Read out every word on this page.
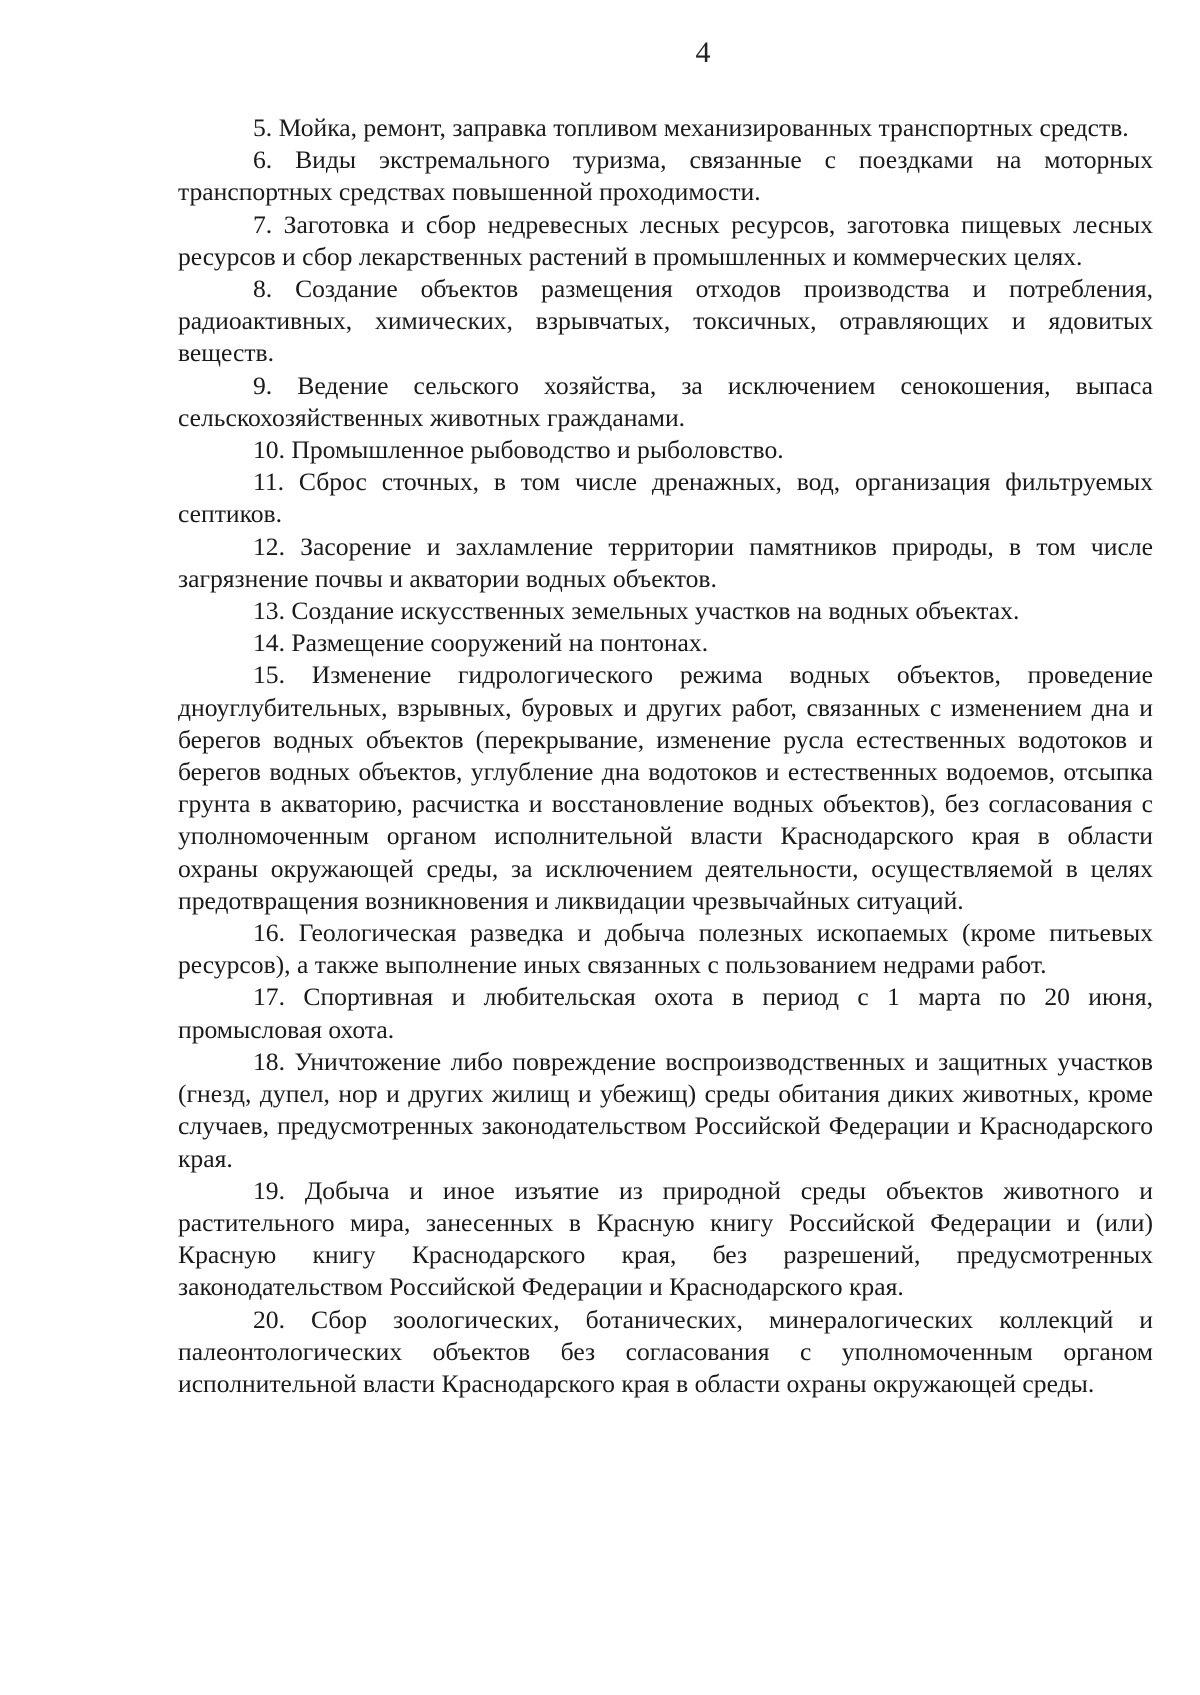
4

5. Мойка, ремонт, заправка топливом механизированных транспортных средств.

6. Виды экстремального туризма, связанные с поездками на моторных транспортных средствах повышенной проходимости.

7. Заготовка и сбор недревесных лесных ресурсов, заготовка пищевых лесных ресурсов и сбор лекарственных растений в промышленных и коммерческих целях.

8. Создание объектов размещения отходов производства и потребления, радиоактивных, химических, взрывчатых, токсичных, отравляющих и ядовитых веществ.

9. Ведение сельского хозяйства, за исключением сенокошения, выпаса сельскохозяйственных животных гражданами.

10. Промышленное рыбоводство и рыболовство.

11. Сброс сточных, в том числе дренажных, вод, организация фильтруемых септиков.

12. Засорение и захламление территории памятников природы, в том числе загрязнение почвы и акватории водных объектов.

13. Создание искусственных земельных участков на водных объектах.

14. Размещение сооружений на понтонах.

15. Изменение гидрологического режима водных объектов, проведение дноуглубительных, взрывных, буровых и других работ, связанных с изменением дна и берегов водных объектов (перекрывание, изменение русла естественных водотоков и берегов водных объектов, углубление дна водотоков и естественных водоемов, отсыпка грунта в акваторию, расчистка и восстановление водных объектов), без согласования с уполномоченным органом исполнительной власти Краснодарского края в области охраны окружающей среды, за исключением деятельности, осуществляемой в целях предотвращения возникновения и ликвидации чрезвычайных ситуаций.

16. Геологическая разведка и добыча полезных ископаемых (кроме питьевых ресурсов), а также выполнение иных связанных с пользованием недрами работ.

17. Спортивная и любительская охота в период с 1 марта по 20 июня, промысловая охота.

18. Уничтожение либо повреждение воспроизводственных и защитных участков (гнезд, дупел, нор и других жилищ и убежищ) среды обитания диких животных, кроме случаев, предусмотренных законодательством Российской Федерации и Краснодарского края.

19. Добыча и иное изъятие из природной среды объектов животного и растительного мира, занесенных в Красную книгу Российской Федерации и (или) Красную книгу Краснодарского края, без разрешений, предусмотренных законодательством Российской Федерации и Краснодарского края.

20. Сбор зоологических, ботанических, минералогических коллекций и палеонтологических объектов без согласования с уполномоченным органом исполнительной власти Краснодарского края в области охраны окружающей среды.
